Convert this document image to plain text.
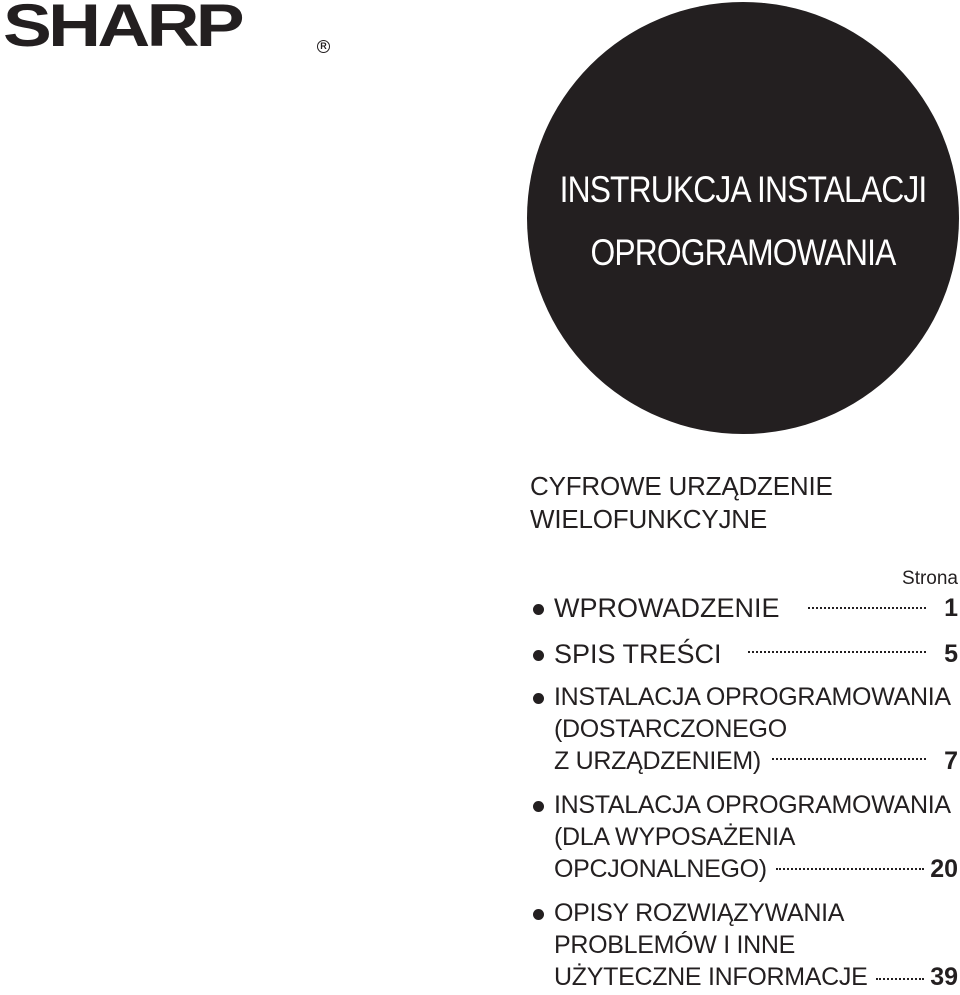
SHARP	R
INSTRUKCJA INSTALACJI
OPROGRAMOWANIA
CYFROWE URZĄDZENIE
WIELOFUNKCYJNE
Strona
WPROWADZENIE	1
SPIS TREŚCI	5
INSTALACJA OPROGRAMOWANIA
(DOSTARCZONEGO
Z URZĄDZENIEM)	7
INSTALACJA OPROGRAMOWANIA
(DLA WYPOSAŻENIA
OPCJONALNEGO)	20
OPISY ROZWIĄZYWANIA
PROBLEMÓW I INNE
UŻYTECZNE INFORMACJE	39
